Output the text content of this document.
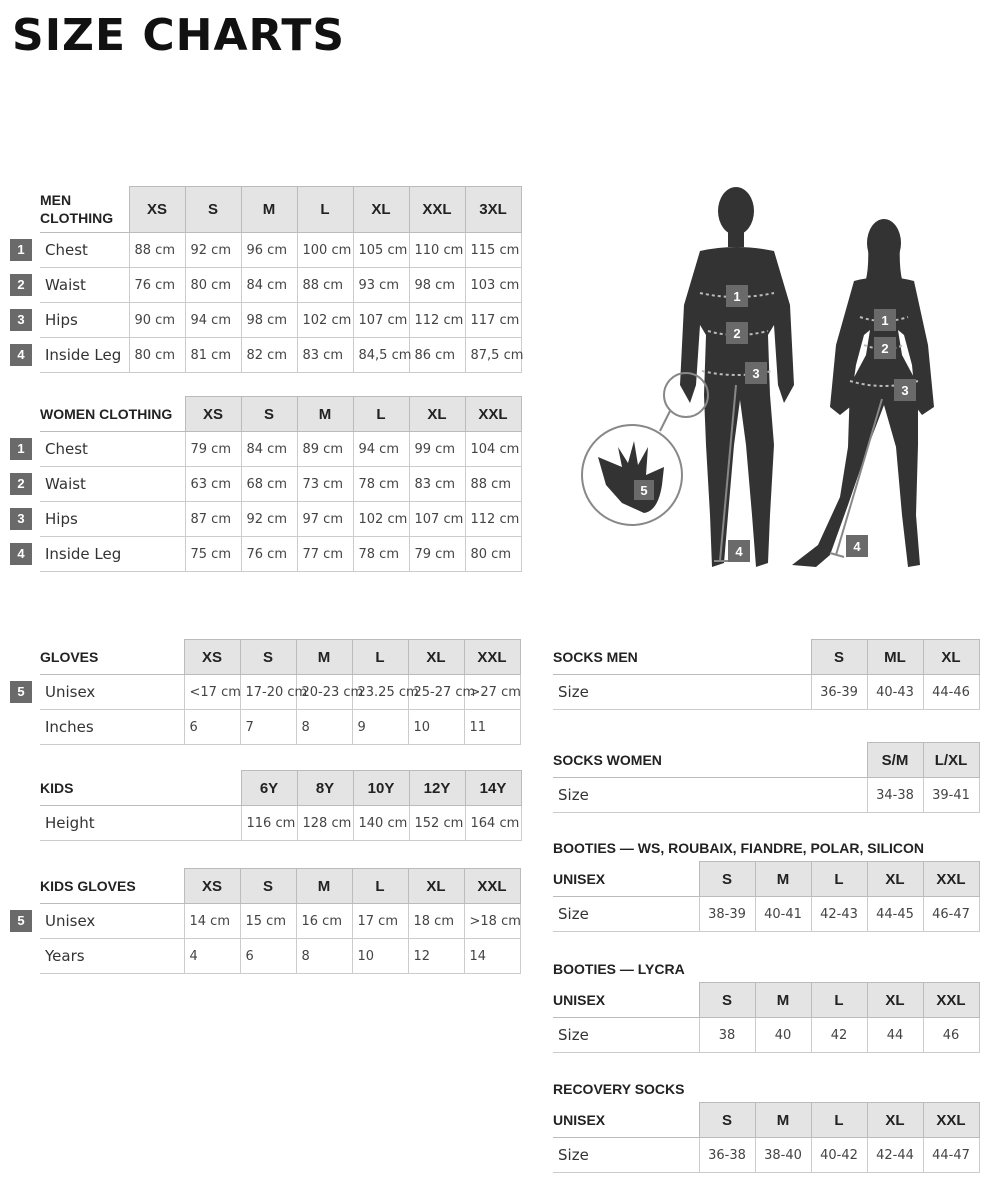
SIZE CHARTS
MEN
CLOTHING	XS	S	M	L	XL	XXL	3XL

1 Chest	88 cm	92 cm	96 cm	100 cm	105 cm	110 cm	115 cm

2 Waist	76 cm	80 cm	84 cm	88 cm	93 cm	98 cm	103 cm

3 Hips	90 cm	94 cm	98 cm	102 cm	107 cm	112 cm	117 cm

4 Inside Leg	80 cm	81 cm	82 cm	83 cm	84,5 cm	86 cm	87,5 cm
WOMEN CLOTHING	XS	S	M	L	XL	XXL

1 Chest	79 cm	84 cm	89 cm	94 cm	99 cm	104 cm

2 Waist	63 cm	68 cm	73 cm	78 cm	83 cm	88 cm

3 Hips	87 cm	92 cm	97 cm	102 cm	107 cm	112 cm

4 Inside Leg	75 cm	76 cm	77 cm	78 cm	79 cm	80 cm
GLOVES	XS	S	M	L	XL	XXL

5 Unisex	<17 cm	17-20 cm	20-23 cm	23.25 cm	25-27 cm	>27 cm
Inches	6	7	8	9	10	11
KIDS	6Y	8Y	10Y	12Y	14Y
Height	116 cm	128 cm	140 cm	152 cm	164 cm
KIDS GLOVES	XS	S	M	L	XL	XXL

5 Unisex	14 cm	15 cm	16 cm	17 cm	18 cm	>18 cm
Years	4	6	8	10	12	14
SOCKS MEN	S	ML	XL
Size	36-39	40-43	44-46
SOCKS WOMEN	S/M	L/XL
Size	34-38	39-41
BOOTIES — WS, ROUBAIX, FIANDRE, POLAR, SILICON
UNISEX	S	M	L	XL	XXL
Size	38-39	40-41	42-43	44-45	46-47
BOOTIES — LYCRA
UNISEX	S	M	L	XL	XXL
Size	38	40	42	44	46
RECOVERY SOCKS
UNISEX	S	M	L	XL	XXL
Size	36-38	38-40	40-42	42-44	44-47
1
2
3
4
5
1
2
3
4
